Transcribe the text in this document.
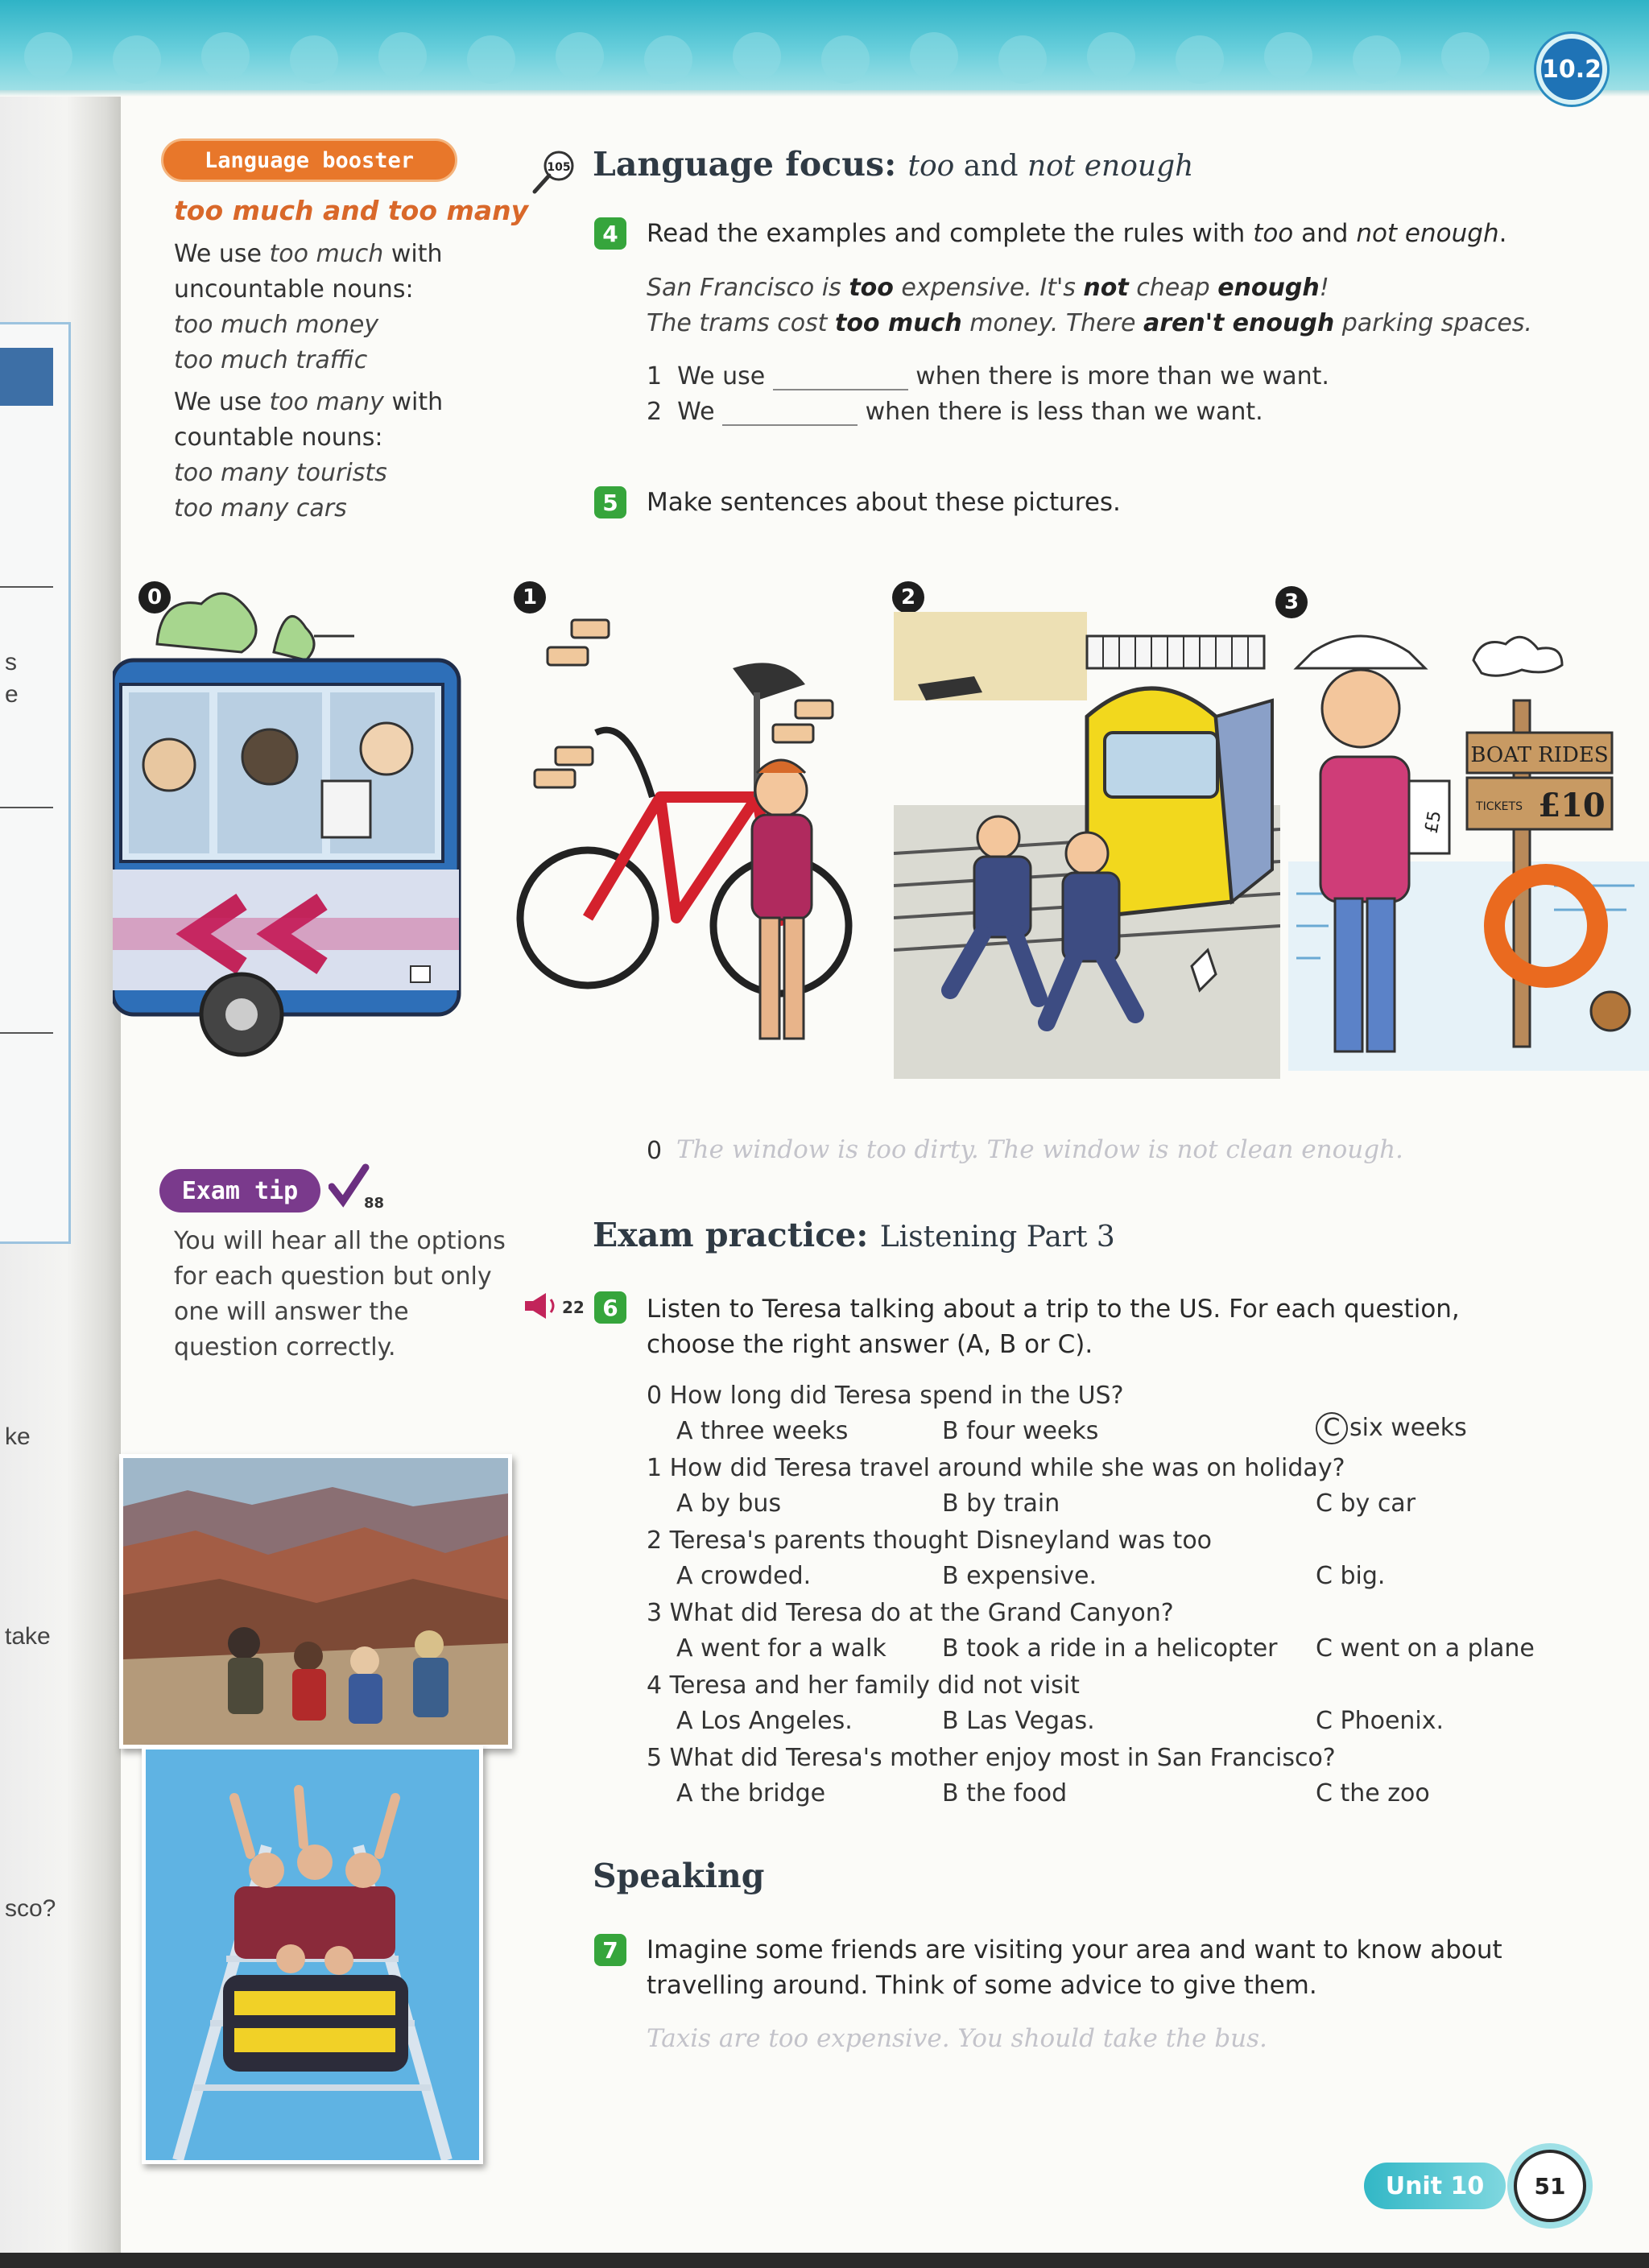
s
e
ke
take
sco?
10.2
Language booster
too much and too many
We use too much with
uncountable nouns:
too much money
too much traffic
We use too many with
countable nouns:
too many tourists
too many cars
Exam tip	88
You will hear all the options for each question but only one will answer the question correctly.
105 Language focus: too and not enough
4	Read the examples and complete the rules with too and not enough.
San Francisco is too expensive. It's not cheap enough!
The trams cost too much money. There aren't enough parking spaces.
1 We use	when there is more than we want.
2 We	when there is less than we want.
5	Make sentences about these pictures.
0	1	2	3
£5
BOAT RIDES
TICKETS £10
0 The window is too dirty. The window is not clean enough.
Exam practice: Listening Part 3
22 6	Listen to Teresa talking about a trip to the US. For each question,
choose the right answer (A, B or C).
0 How long did Teresa spend in the US?
A three weeks	B four weeks	C six weeks
1 How did Teresa travel around while she was on holiday?
A by bus	B by train	C by car
2 Teresa's parents thought Disneyland was too
A crowded.	B expensive.	C big.
3 What did Teresa do at the Grand Canyon?
A went for a walk B took a ride in a helicopter C went on a plane
4 Teresa and her family did not visit
A Los Angeles.	B Las Vegas.	C Phoenix.
5 What did Teresa's mother enjoy most in San Francisco?
A the bridge	B the food	C the zoo
Speaking
7	Imagine some friends are visiting your area and want to know about
travelling around. Think of some advice to give them.
Taxis are too expensive. You should take the bus.
Unit 10	51
